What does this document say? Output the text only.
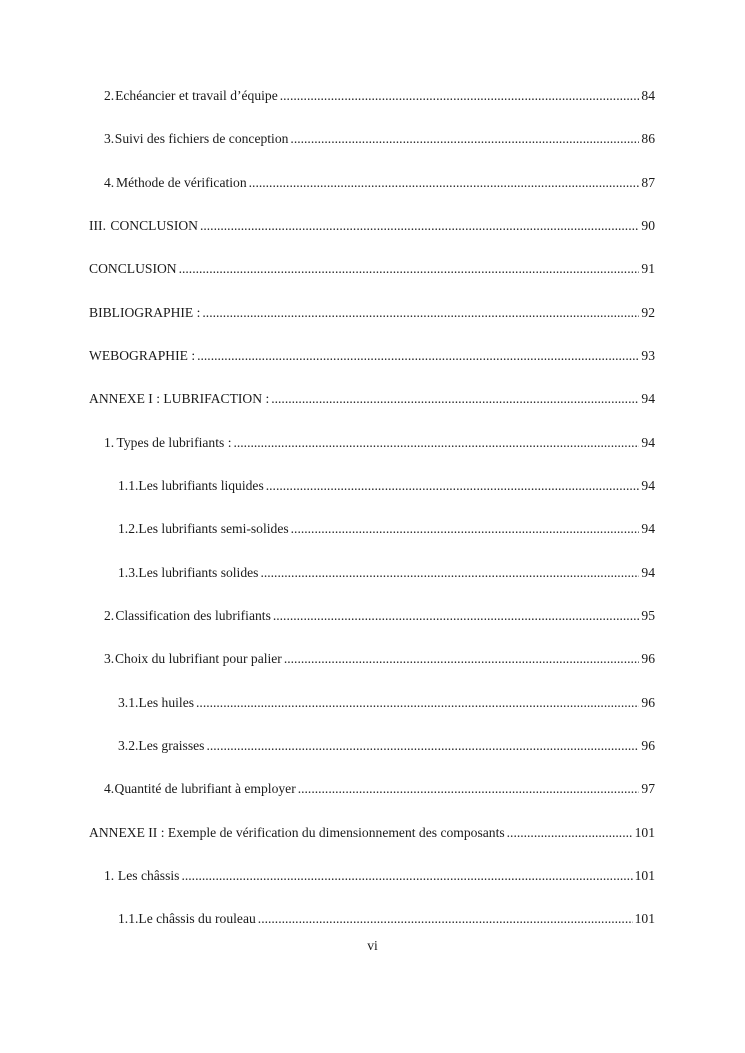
2. Echéancier et travail d’équipe .....	84
3. Suivi des fichiers de conception .....	86
4. Méthode de vérification .....	87
III. CONCLUSION .....	90
CONCLUSION .....	91
BIBLIOGRAPHIE : .....	92
WEBOGRAPHIE : .....	93
ANNEXE I : LUBRIFACTION : .....	94
1. Types de lubrifiants : .....	94
1.1. Les lubrifiants liquides .....	94
1.2. Les lubrifiants semi-solides .....	94
1.3. Les lubrifiants solides .....	94
2. Classification des lubrifiants .....	95
3. Choix du lubrifiant pour palier .....	96
3.1. Les huiles .....	96
3.2. Les graisses .....	96
4. Quantité de lubrifiant à employer .....	97
ANNEXE II : Exemple de vérification du dimensionnement des composants .....	101
1. Les châssis .....	101
1.1. Le châssis du rouleau .....	101
vi
